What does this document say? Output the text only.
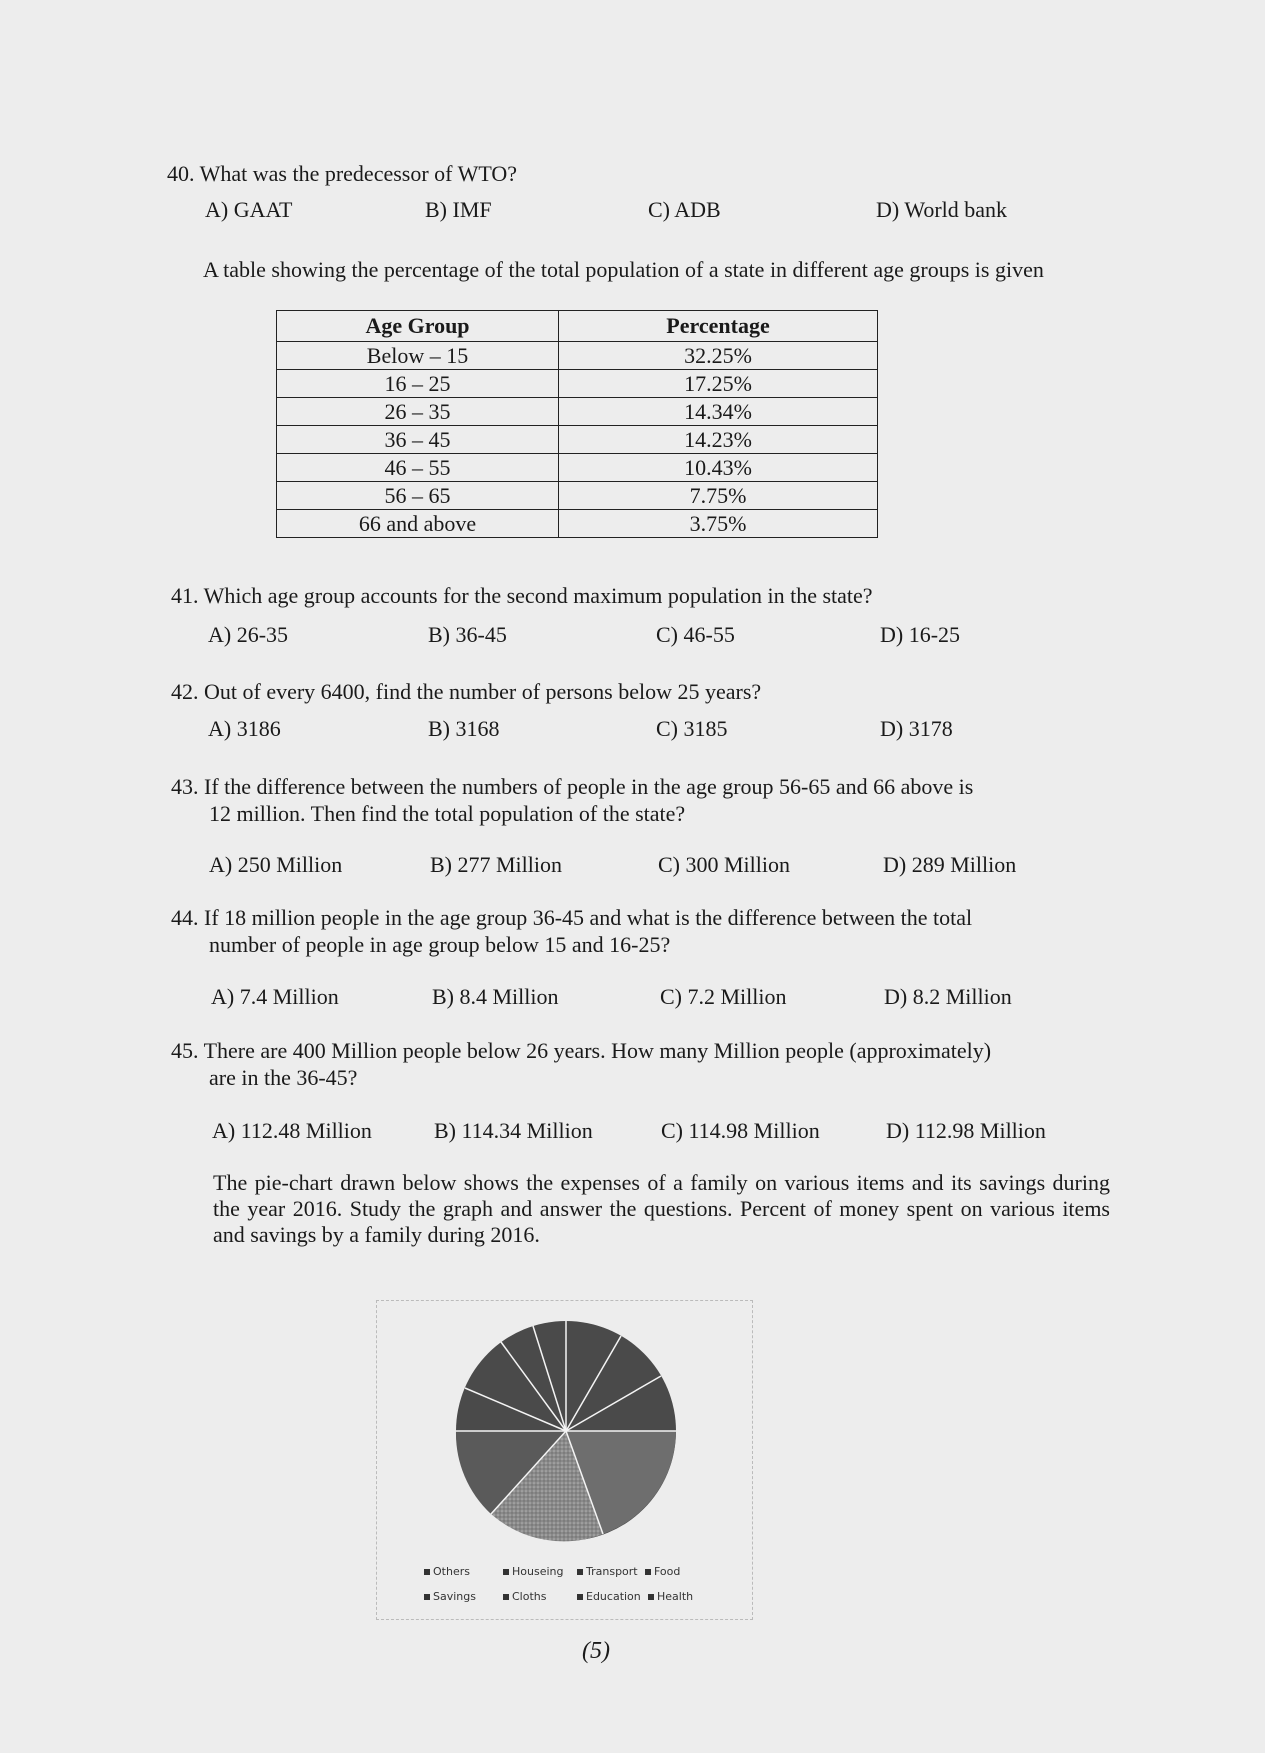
40. What was the predecessor of WTO?
A) GAAT	B) IMF	C) ADB	D) World bank
A table showing the percentage of the total population of a state in different age groups is given
Age Group	Percentage
Below – 15	32.25%
16 – 25	17.25%
26 – 35	14.34%
36 – 45	14.23%
46 – 55	10.43%
56 – 65	7.75%
66 and above	3.75%
41. Which age group accounts for the second maximum population in the state?
A) 26-35	B) 36-45	C) 46-55	D) 16-25
42. Out of every 6400, find the number of persons below 25 years?
A) 3186	B) 3168	C) 3185	D) 3178
43. If the difference between the numbers of people in the age group 56-65 and 66 above is
12 million. Then find the total population of the state?
A) 250 Million	B) 277 Million	C) 300 Million	D) 289 Million
44. If 18 million people in the age group 36-45 and what is the difference between the total
number of people in age group below 15 and 16-25?
A) 7.4 Million	B) 8.4 Million	C) 7.2 Million	D) 8.2 Million
45. There are 400 Million people below 26 years. How many Million people (approximately)
are in the 36-45?
A) 112.48 Million	B) 114.34 Million	C) 114.98 Million	D) 112.98 Million
The pie-chart drawn below shows the expenses of a family on various items and its savings during the year 2016. Study the graph and answer the questions. Percent of money spent on various items and savings by a family during 2016.
Others	Houseing	Transport	Food
Savings	Cloths	Education	Health
(5)
